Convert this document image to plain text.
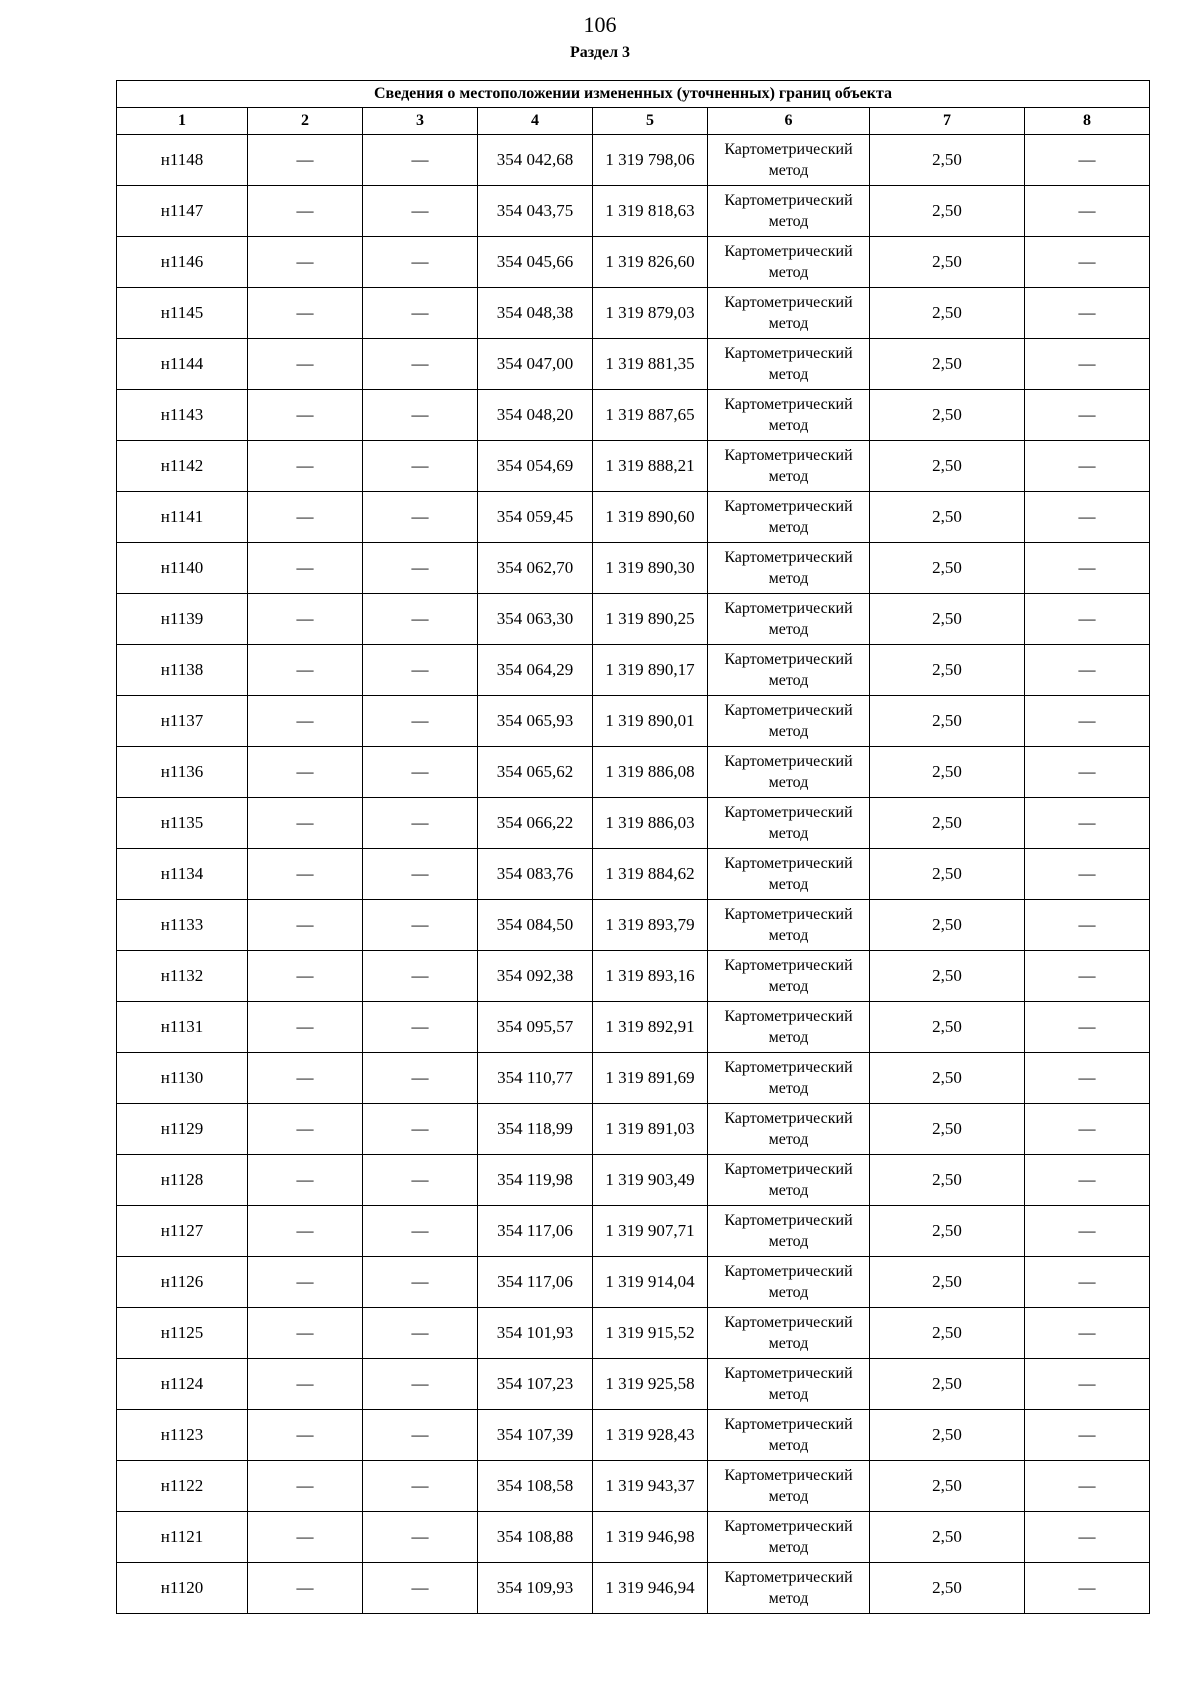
106
Раздел 3
Сведения о местоположении измененных (уточненных) границ объекта							
1	2	3	4	5	6	7	8
н1148	—	—	354 042,68	1 319 798,06	Картометрический метод	2,50	—
н1147	—	—	354 043,75	1 319 818,63	Картометрический метод	2,50	—
н1146	—	—	354 045,66	1 319 826,60	Картометрический метод	2,50	—
н1145	—	—	354 048,38	1 319 879,03	Картометрический метод	2,50	—
н1144	—	—	354 047,00	1 319 881,35	Картометрический метод	2,50	—
н1143	—	—	354 048,20	1 319 887,65	Картометрический метод	2,50	—
н1142	—	—	354 054,69	1 319 888,21	Картометрический метод	2,50	—
н1141	—	—	354 059,45	1 319 890,60	Картометрический метод	2,50	—
н1140	—	—	354 062,70	1 319 890,30	Картометрический метод	2,50	—
н1139	—	—	354 063,30	1 319 890,25	Картометрический метод	2,50	—
н1138	—	—	354 064,29	1 319 890,17	Картометрический метод	2,50	—
н1137	—	—	354 065,93	1 319 890,01	Картометрический метод	2,50	—
н1136	—	—	354 065,62	1 319 886,08	Картометрический метод	2,50	—
н1135	—	—	354 066,22	1 319 886,03	Картометрический метод	2,50	—
н1134	—	—	354 083,76	1 319 884,62	Картометрический метод	2,50	—
н1133	—	—	354 084,50	1 319 893,79	Картометрический метод	2,50	—
н1132	—	—	354 092,38	1 319 893,16	Картометрический метод	2,50	—
н1131	—	—	354 095,57	1 319 892,91	Картометрический метод	2,50	—
н1130	—	—	354 110,77	1 319 891,69	Картометрический метод	2,50	—
н1129	—	—	354 118,99	1 319 891,03	Картометрический метод	2,50	—
н1128	—	—	354 119,98	1 319 903,49	Картометрический метод	2,50	—
н1127	—	—	354 117,06	1 319 907,71	Картометрический метод	2,50	—
н1126	—	—	354 117,06	1 319 914,04	Картометрический метод	2,50	—
н1125	—	—	354 101,93	1 319 915,52	Картометрический метод	2,50	—
н1124	—	—	354 107,23	1 319 925,58	Картометрический метод	2,50	—
н1123	—	—	354 107,39	1 319 928,43	Картометрический метод	2,50	—
н1122	—	—	354 108,58	1 319 943,37	Картометрический метод	2,50	—
н1121	—	—	354 108,88	1 319 946,98	Картометрический метод	2,50	—
н1120	—	—	354 109,93	1 319 946,94	Картометрический метод	2,50	—
